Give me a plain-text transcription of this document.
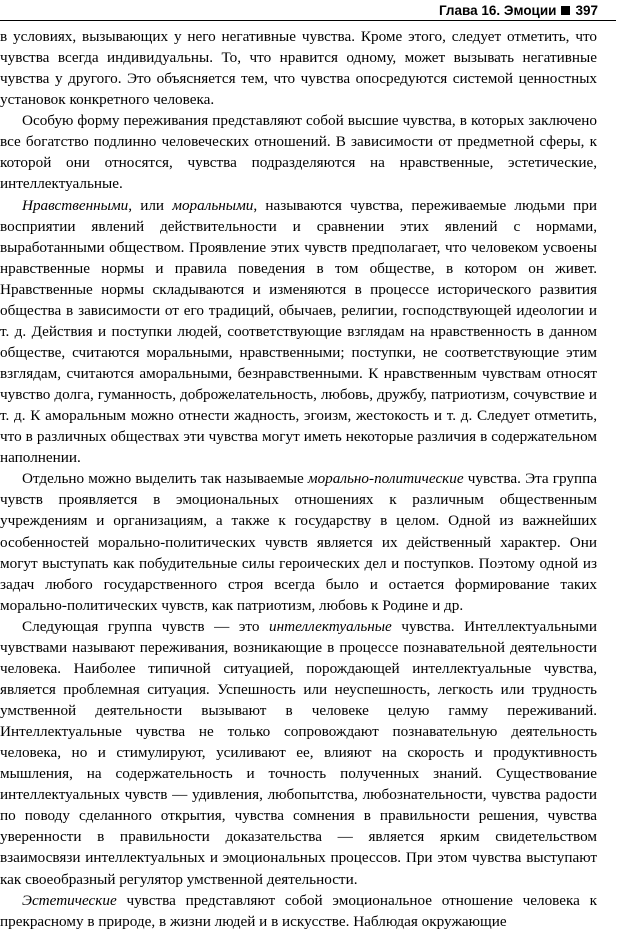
Глава 16. Эмоции 397

в условиях, вызывающих у него негативные чувства. Кроме этого, следует отметить, что чувства всегда индивидуальны. То, что нравится одному, может вызывать негативные чувства у другого. Это объясняется тем, что чувства опосредуются системой ценностных установок конкретного человека.

Особую форму переживания представляют собой высшие чувства, в которых заключено все богатство подлинно человеческих отношений. В зависимости от предметной сферы, к которой они относятся, чувства подразделяются на нравственные, эстетические, интеллектуальные.

Нравственными, или моральными, называются чувства, переживаемые людьми при восприятии явлений действительности и сравнении этих явлений с нормами, выработанными обществом. Проявление этих чувств предполагает, что человеком усвоены нравственные нормы и правила поведения в том обществе, в котором он живет. Нравственные нормы складываются и изменяются в процессе исторического развития общества в зависимости от его традиций, обычаев, религии, господствующей идеологии и т. д. Действия и поступки людей, соответствующие взглядам на нравственность в данном обществе, считаются моральными, нравственными; поступки, не соответствующие этим взглядам, считаются аморальными, безнравственными. К нравственным чувствам относят чувство долга, гуманность, доброжелательность, любовь, дружбу, патриотизм, сочувствие и т. д. К аморальным можно отнести жадность, эгоизм, жестокость и т. д. Следует отметить, что в различных обществах эти чувства могут иметь некоторые различия в содержательном наполнении.

Отдельно можно выделить так называемые морально-политические чувства. Эта группа чувств проявляется в эмоциональных отношениях к различным общественным учреждениям и организациям, а также к государству в целом. Одной из важнейших особенностей морально-политических чувств является их действенный характер. Они могут выступать как побудительные силы героических дел и поступков. Поэтому одной из задач любого государственного строя всегда было и остается формирование таких морально-политических чувств, как патриотизм, любовь к Родине и др.

Следующая группа чувств — это интеллектуальные чувства. Интеллектуальными чувствами называют переживания, возникающие в процессе познавательной деятельности человека. Наиболее типичной ситуацией, порождающей интеллектуальные чувства, является проблемная ситуация. Успешность или неуспешность, легкость или трудность умственной деятельности вызывают в человеке целую гамму переживаний. Интеллектуальные чувства не только сопровождают познавательную деятельность человека, но и стимулируют, усиливают ее, влияют на скорость и продуктивность мышления, на содержательность и точность полученных знаний. Существование интеллектуальных чувств — удивления, любопытства, любознательности, чувства радости по поводу сделанного открытия, чувства сомнения в правильности решения, чувства уверенности в правильности доказательства — является ярким свидетельством взаимосвязи интеллектуальных и эмоциональных процессов. При этом чувства выступают как своеобразный регулятор умственной деятельности.

Эстетические чувства представляют собой эмоциональное отношение человека к прекрасному в природе, в жизни людей и в искусстве. Наблюдая окружающие
